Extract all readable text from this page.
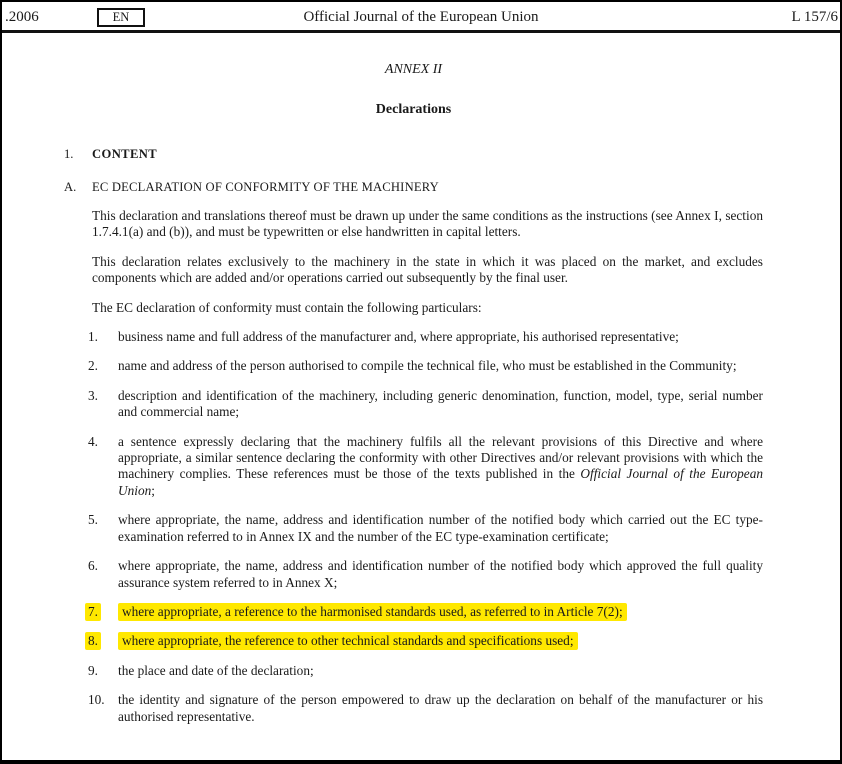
.2006	EN	Official Journal of the European Union	L 157/6
ANNEX II
Declarations
1.	CONTENT
A.	EC DECLARATION OF CONFORMITY OF THE MACHINERY

This declaration and translations thereof must be drawn up under the same conditions as the instructions (see Annex I, section 1.7.4.1(a) and (b)), and must be typewritten or else handwritten in capital letters.

This declaration relates exclusively to the machinery in the state in which it was placed on the market, and excludes components which are added and/or operations carried out subsequently by the final user.

The EC declaration of conformity must contain the following particulars:

1.	business name and full address of the manufacturer and, where appropriate, his authorised representative;
2.	name and address of the person authorised to compile the technical file, who must be established in the Community;
3.	description and identification of the machinery, including generic denomination, function, model, type, serial number and commercial name;
4.	a sentence expressly declaring that the machinery fulfils all the relevant provisions of this Directive and where appropriate, a similar sentence declaring the conformity with other Directives and/or relevant provisions with which the machinery complies. These references must be those of the texts published in the Official Journal of the European Union;
5.	where appropriate, the name, address and identification number of the notified body which carried out the EC type-examination referred to in Annex IX and the number of the EC type-examination certificate;
6.	where appropriate, the name, address and identification number of the notified body which approved the full quality assurance system referred to in Annex X;
7.	where appropriate, a reference to the harmonised standards used, as referred to in Article 7(2);
8.	where appropriate, the reference to other technical standards and specifications used;
9.	the place and date of the declaration;
10.	the identity and signature of the person empowered to draw up the declaration on behalf of the manufacturer or his authorised representative.
